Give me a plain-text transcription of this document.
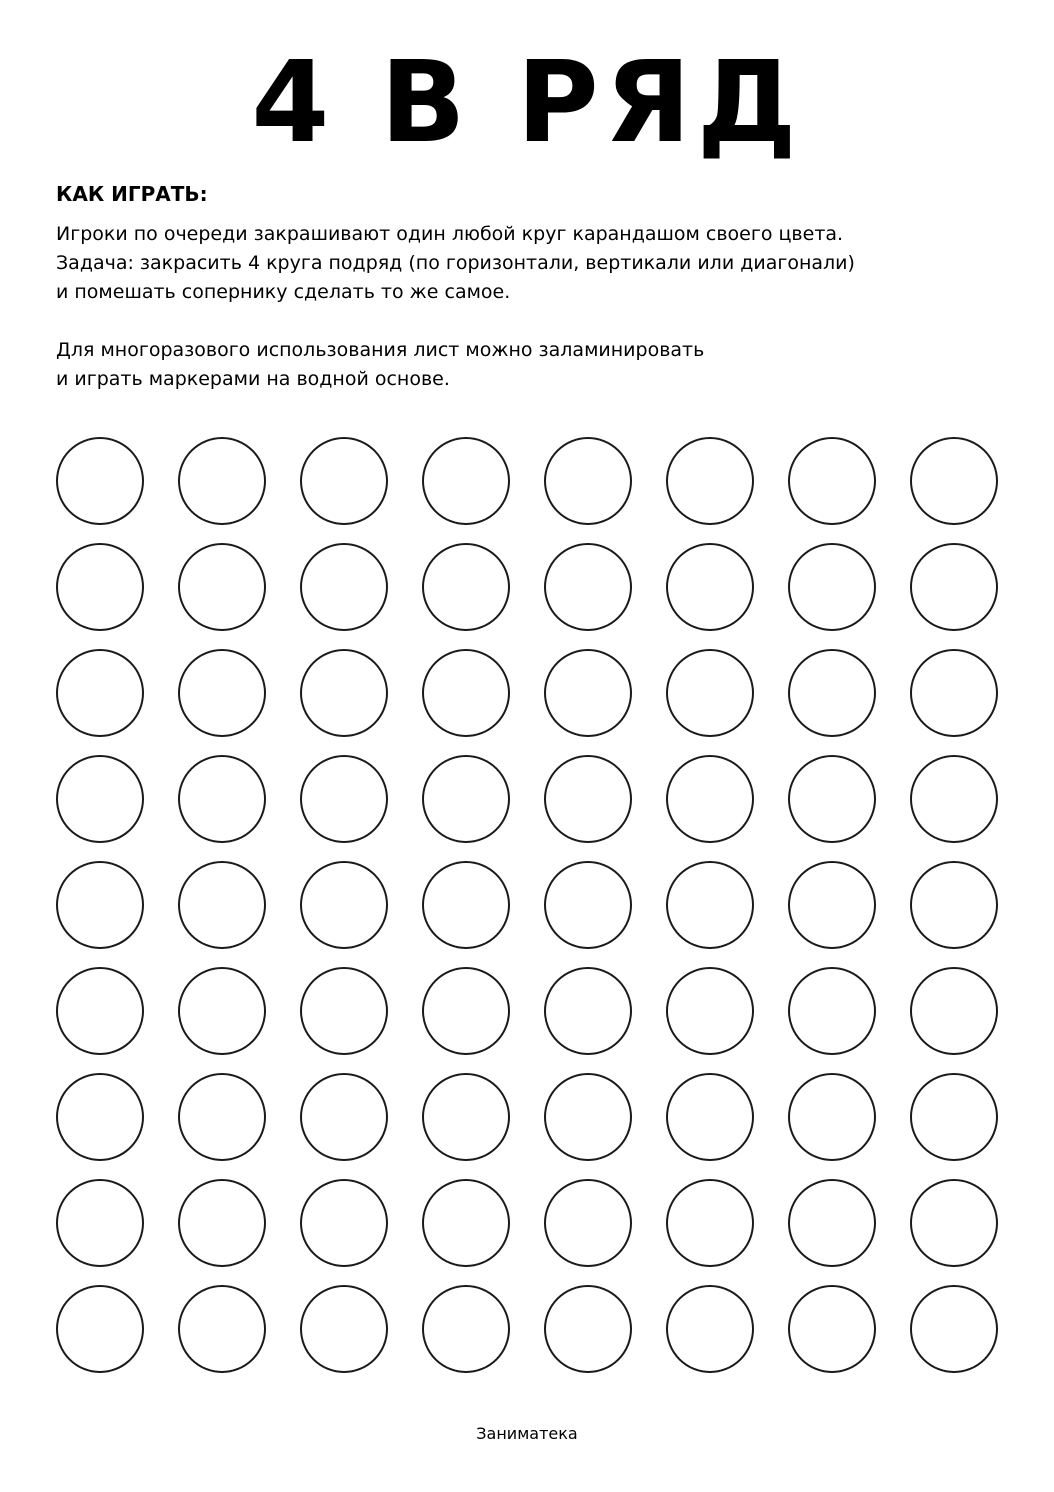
4 В РЯД
КАК ИГРАТЬ:

Игроки по очереди закрашивают один любой круг карандашом своего цвета.
Задача: закрасить 4 круга подряд (по горизонтали, вертикали или диагонали)
и помешать сопернику сделать то же самое.

Для многоразового использования лист можно заламинировать
и играть маркерами на водной основе.

Заниматека
